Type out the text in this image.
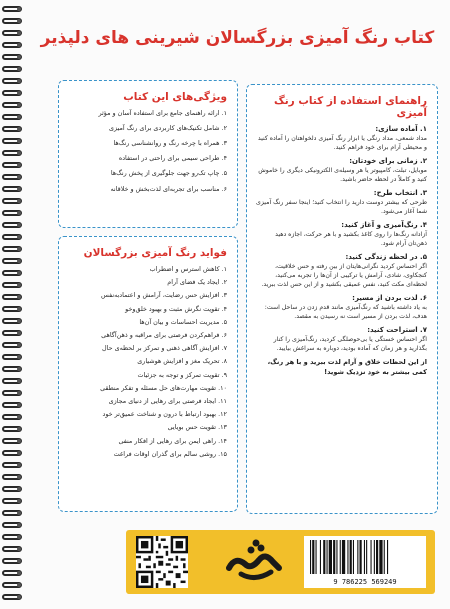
کتاب رنگ آمیزی بزرگسالان شیرینی های دلپذیر
راهنمای استفاده از کتاب رنگ آمیزی
۱. آماده سازی:
مداد شمعی، مداد رنگی یا ابزار رنگ آمیزی دلخواهتان را آماده کنید و محیطی آرام برای خود فراهم کنید.
۲. زمانی برای خودتان:
موبایل، تبلت، کامپیوتر یا هر وسیله‌ی الکترونیکی دیگری را خاموش کنید و کاملاً در لحظه حاضر باشید.
۳. انتخاب طرح:
طرحی که بیشتر دوست دارید را انتخاب کنید؛ اینجا سفر رنگ آمیزی شما آغاز می‌شود.
۴. رنگ‌آمیزی و آغاز کنید:
آزادانه رنگ‌ها را روی کاغذ بکشید و با هر حرکت، اجازه دهید ذهن‌تان آرام شود.
۵. در لحظه زندگی کنید:
اگر احساس کردید نگرانی‌هایتان از بین رفته و حس خلاقیت، کنجکاوی، شادی، آرامش یا ترکیبی از آن‌ها را تجربه می‌کنید، لحظه‌ای مکث کنید، نفس عمیقی بکشید و از این حس لذت ببرید.
۶. لذت بردن از مسیر:
به یاد داشته باشید که رنگ‌آمیزی مانند قدم زدن در ساحل است: هدف، لذت بردن از مسیر است نه رسیدن به مقصد.
۷. استراحت کنید:
اگر احساس خستگی یا بی‌حوصلگی کردید، رنگ‌آمیزی را کنار بگذارید و هر زمان که آماده بودید، دوباره به سراغش بیایید.
از این لحظات خلاق و آرام لذت ببرید و با هر رنگ، کمی بیشتر به خود نزدیک شوید!
ویژگی‌های این کتاب
۱. ارائه راهنمای جامع برای استفاده آسان و مؤثر
۲. شامل تکنیک‌های کاربردی برای رنگ آمیزی
۳. همراه با چرخه رنگ و روانشناسی رنگ‌ها
۴. طراحی سیمی برای راحتی در استفاده
۵. چاپ تک‌رو جهت جلوگیری از پخش رنگ‌ها
۶. مناسب برای تجربه‌ای لذت‌بخش و خلاقانه
فواید رنگ آمیزی بزرگسالان
۱. کاهش استرس و اضطراب
۲. ایجاد یک فضای آرام
۳. افزایش حس رضایت، آرامش و اعتماد‌به‌نفس
۴. تقویت نگرش مثبت و بهبود خلق‌وخو
۵. مدیریت احساسات و بیان آن‌ها
۶. فراهم‌کردن فرصتی برای مراقبه و ذهن‌آگاهی
۷. افزایش آگاهی ذهنی و تمرکز بر لحظه‌ی حال
۸. تحریک مغز و افزایش هوشیاری
۹. تقویت تمرکز و توجه به جزئیات
۱۰. تقویت مهارت‌های حل مسئله و تفکر منطقی
۱۱. ایجاد فرصتی برای رهایی از دنیای مجازی
۱۲. بهبود ارتباط با درون و شناخت عمیق‌تر خود
۱۳. تقویت حس بویایی
۱۴. راهی ایمن برای رهایی از افکار منفی
۱۵. روشی سالم برای گذران اوقات فراغت
9 786225 569249
